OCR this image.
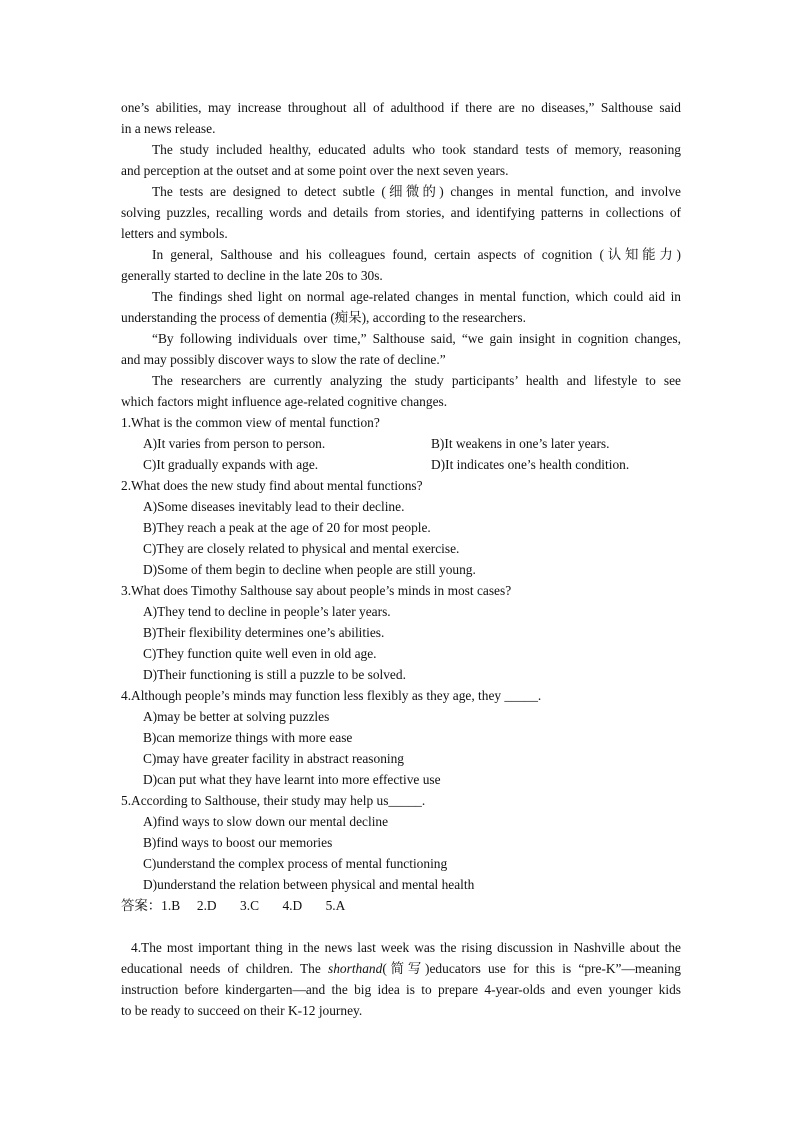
one’s abilities, may increase throughout all of adulthood if there are no diseases,” Salthouse said
in a news release.
The study included healthy, educated adults who took standard tests of memory, reasoning
and perception at the outset and at some point over the next seven years.
The tests are designed to detect subtle (细微的) changes in mental function, and involve
solving puzzles, recalling words and details from stories, and identifying patterns in collections of
letters and symbols.
In general, Salthouse and his colleagues found, certain aspects of cognition (认知能力)
generally started to decline in the late 20s to 30s.
The findings shed light on normal age-related changes in mental function, which could aid in
understanding the process of dementia (痴呆), according to the researchers.
“By following individuals over time,” Salthouse said, “we gain insight in cognition changes,
and may possibly discover ways to slow the rate of decline.”
The researchers are currently analyzing the study participants’ health and lifestyle to see
which factors might influence age-related cognitive changes.
1.What is the common view of mental function?
A)It varies from person to person.	B)It weakens in one’s later years.
C)It gradually expands with age.	D)It indicates one’s health condition.
2.What does the new study find about mental functions?
A)Some diseases inevitably lead to their decline.
B)They reach a peak at the age of 20 for most people.
C)They are closely related to physical and mental exercise.
D)Some of them begin to decline when people are still young.
3.What does Timothy Salthouse say about people’s minds in most cases?
A)They tend to decline in people’s later years.
B)Their flexibility determines one’s abilities.
C)They function quite well even in old age.
D)Their functioning is still a puzzle to be solved.
4.Although people’s minds may function less flexibly as they age, they _____.
A)may be better at solving puzzles
B)can memorize things with more ease
C)may have greater facility in abstract reasoning
D)can put what they have learnt into more effective use
5.According to Salthouse, their study may help us_____.
A)find ways to slow down our mental decline
B)find ways to boost our memories
C)understand the complex process of mental functioning
D)understand the relation between physical and mental health
答案：1.B     2.D       3.C       4.D       5.A
4.The most important thing in the news last week was the rising discussion in Nashville about the
educational needs of children. The shorthand(简写)educators use for this is “pre-K”—meaning
instruction before kindergarten—and the big idea is to prepare 4-year-olds and even younger kids
to be ready to succeed on their K-12 journey.
